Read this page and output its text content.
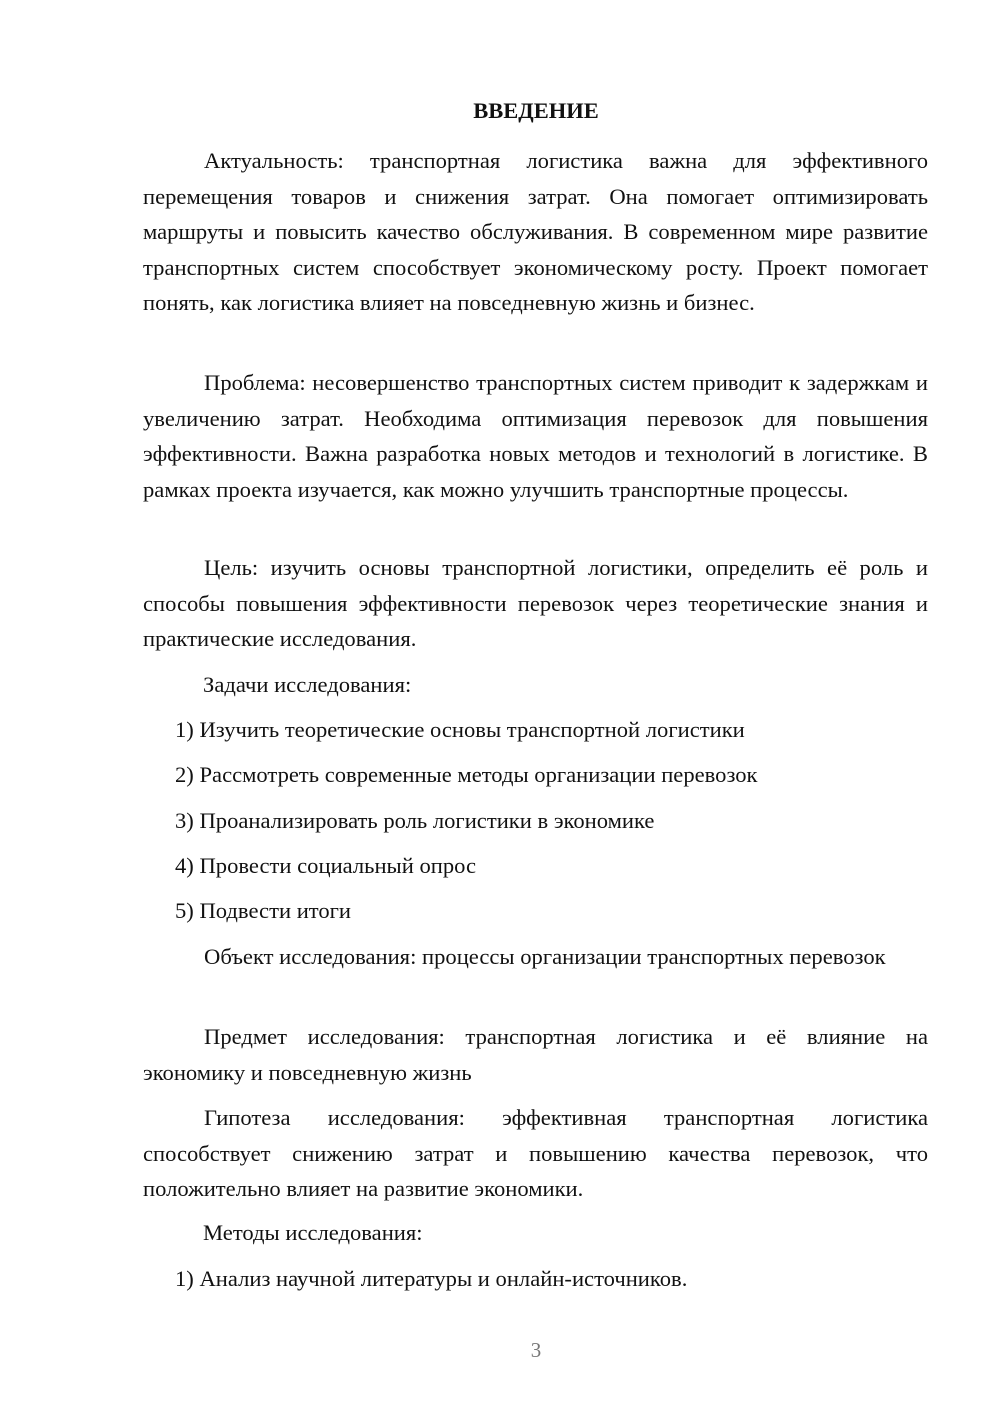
ВВЕДЕНИЕ

Актуальность: транспортная логистика важна для эффективного перемещения товаров и снижения затрат. Она помогает оптимизировать маршруты и повысить качество обслуживания. В современном мире развитие транспортных систем способствует экономическому росту. Проект помогает понять, как логистика влияет на повседневную жизнь и бизнес.

Проблема: несовершенство транспортных систем приводит к задержкам и увеличению затрат. Необходима оптимизация перевозок для повышения эффективности. Важна разработка новых методов и технологий в логистике. В рамках проекта изучается, как можно улучшить транспортные процессы.

Цель: изучить основы транспортной логистики, определить её роль и способы повышения эффективности перевозок через теоретические знания и практические исследования.

Задачи исследования:

1) Изучить теоретические основы транспортной логистики

2) Рассмотреть современные методы организации перевозок

3) Проанализировать роль логистики в экономике

4) Провести социальный опрос

5) Подвести итоги

Объект исследования: процессы организации транспортных перевозок

Предмет исследования: транспортная логистика и её влияние на экономику и повседневную жизнь

Гипотеза исследования: эффективная транспортная логистика способствует снижению затрат и повышению качества перевозок, что положительно влияет на развитие экономики.

Методы исследования:

1) Анализ научной литературы и онлайн-источников.

3
